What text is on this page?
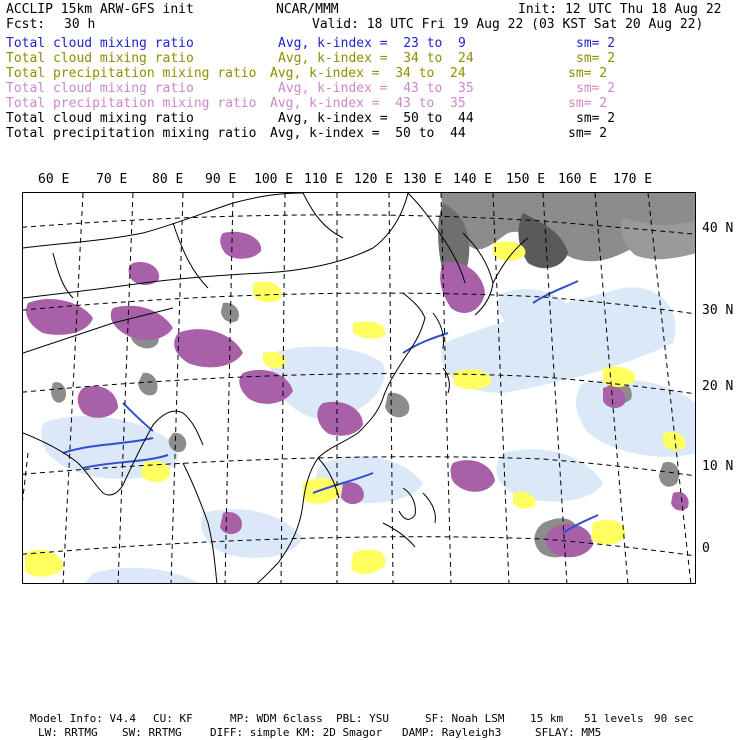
ACCLIP 15km ARW-GFS init	NCAR/MMM	Init: 12 UTC Thu 18 Aug 22
Fcst: 30 h	Valid: 18 UTC Fri 19 Aug 22 (03 KST Sat 20 Aug 22)
Total cloud mixing ratio	Avg, k-index =  23 to  9	sm= 2
Total cloud mixing ratio	Avg, k-index =  34 to  24	sm= 2
Total precipitation mixing ratio Avg, k-index =  34 to  24	sm= 2
Total cloud mixing ratio	Avg, k-index =  43 to  35	sm= 2
Total precipitation mixing ratio Avg, k-index =  43 to  35	sm= 2
Total cloud mixing ratio	Avg, k-index =  50 to  44	sm= 2
Total precipitation mixing ratio Avg, k-index =  50 to  44	sm= 2
60 E 70 E 80 E 90 E 100 E 110 E 120 E 130 E 140 E 150 E 160 E 170 E
40 N
30 N
20 N
10 N
0
Model Info: V4.4 CU: KF	MP: WDM 6class PBL: YSU	SF: Noah LSM 15 km 51 levels 90 sec
LW: RRTMG SW: RRTMG	DIFF: simple KM: 2D Smagor DAMP: Rayleigh3	SFLAY: MM5
